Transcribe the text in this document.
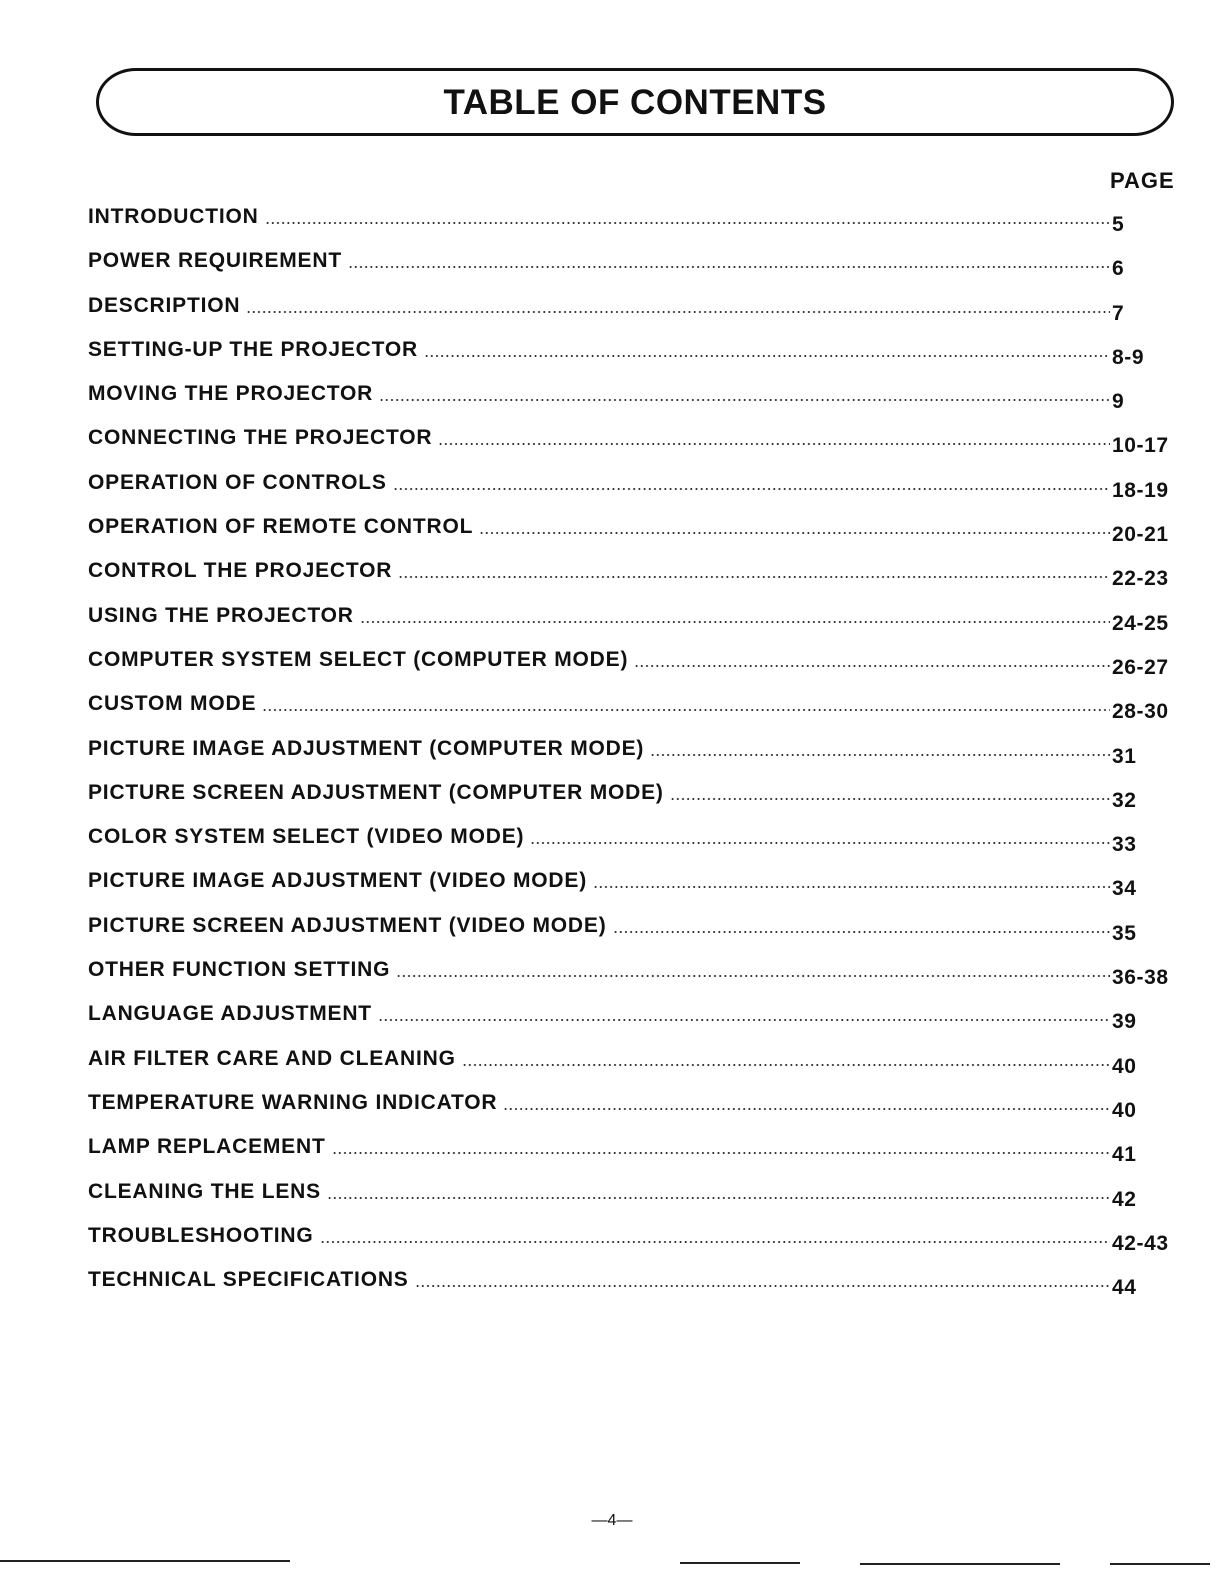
TABLE OF CONTENTS
PAGE
INTRODUCTION	5
POWER REQUIREMENT	6
DESCRIPTION	7
SETTING-UP THE PROJECTOR	8-9
MOVING THE PROJECTOR	9
CONNECTING THE PROJECTOR	10-17
OPERATION OF CONTROLS	18-19
OPERATION OF REMOTE CONTROL	20-21
CONTROL THE PROJECTOR	22-23
USING THE PROJECTOR	24-25
COMPUTER SYSTEM SELECT (COMPUTER MODE)	26-27
CUSTOM MODE	28-30
PICTURE IMAGE ADJUSTMENT (COMPUTER MODE)	31
PICTURE SCREEN ADJUSTMENT (COMPUTER MODE)	32
COLOR SYSTEM SELECT (VIDEO MODE)	33
PICTURE IMAGE ADJUSTMENT (VIDEO MODE)	34
PICTURE SCREEN ADJUSTMENT (VIDEO MODE)	35
OTHER FUNCTION SETTING	36-38
LANGUAGE ADJUSTMENT	39
AIR FILTER CARE AND CLEANING	40
TEMPERATURE WARNING INDICATOR	40
LAMP REPLACEMENT	41
CLEANING THE LENS	42
TROUBLESHOOTING	42-43
TECHNICAL SPECIFICATIONS	44
—4—
